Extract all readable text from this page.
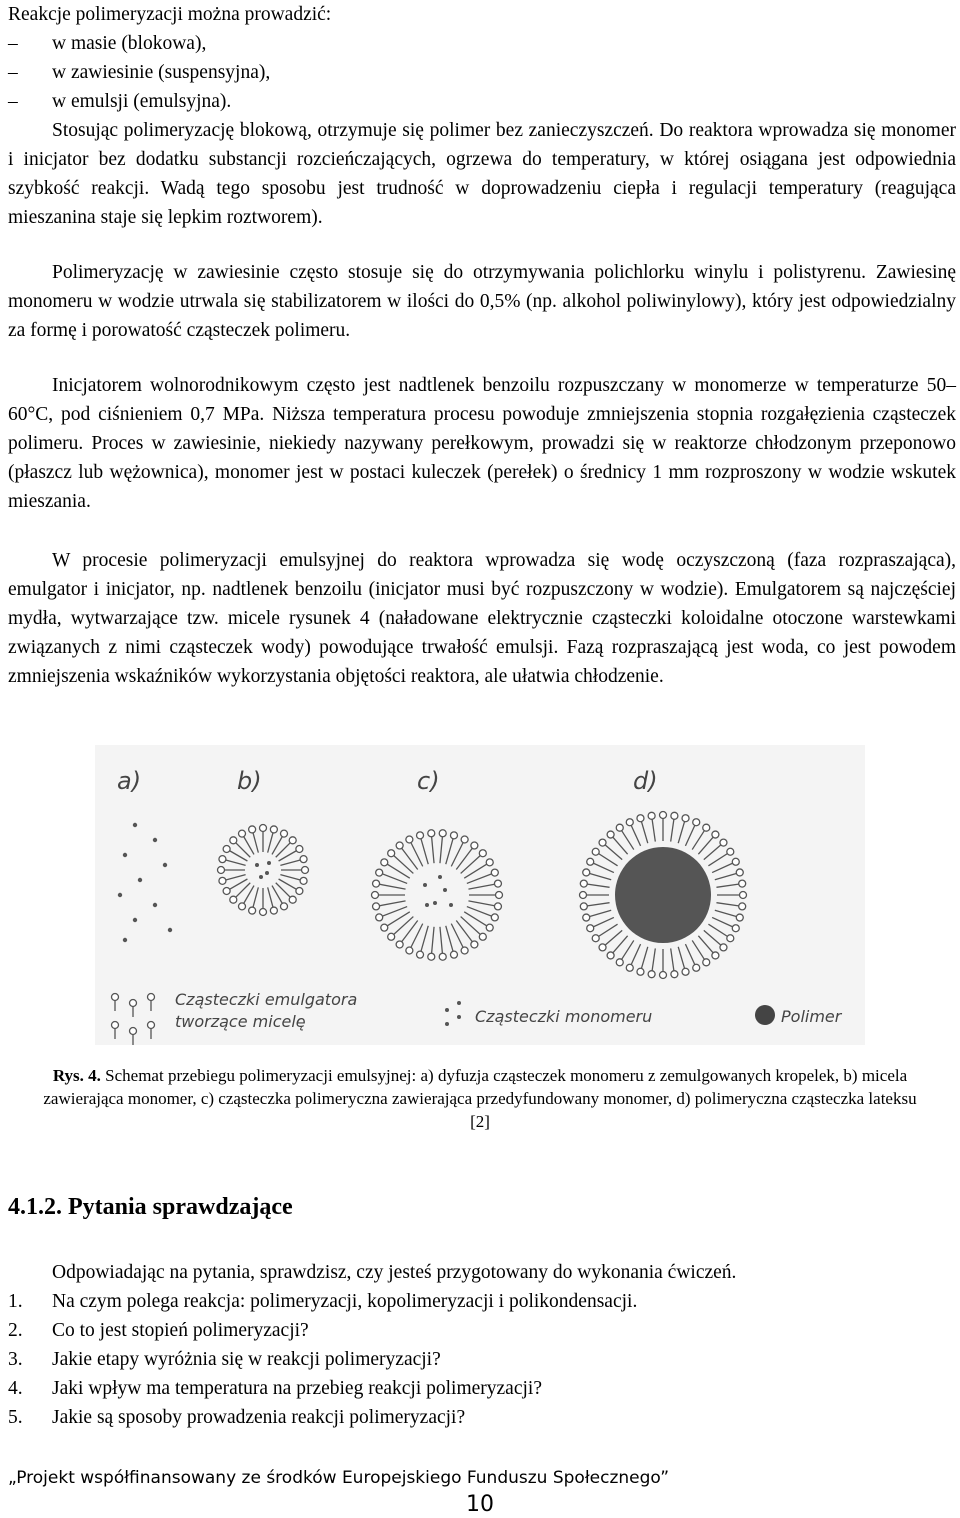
Reakcje polimeryzacji można prowadzić:
– w masie (blokowa),
– w zawiesinie (suspensyjna),
– w emulsji (emulsyjna).

Stosując polimeryzację blokową, otrzymuje się polimer bez zanieczyszczeń. Do reaktora wprowadza się monomer i inicjator bez dodatku substancji rozcieńczających, ogrzewa do temperatury, w której osiągana jest odpowiednia szybkość reakcji. Wadą tego sposobu jest trudność w doprowadzeniu ciepła i regulacji temperatury (reagująca mieszanina staje się lepkim roztworem).

Polimeryzację w zawiesinie często stosuje się do otrzymywania polichlorku winylu i polistyrenu. Zawiesinę monomeru w wodzie utrwala się stabilizatorem w ilości do 0,5% (np. alkohol poliwinylowy), który jest odpowiedzialny za formę i porowatość cząsteczek polimeru.

Inicjatorem wolnorodnikowym często jest nadtlenek benzoilu rozpuszczany w monomerze w temperaturze 50–60°C, pod ciśnieniem 0,7 MPa. Niższa temperatura procesu powoduje zmniejszenia stopnia rozgałęzienia cząsteczek polimeru. Proces w zawiesinie, niekiedy nazywany perełkowym, prowadzi się w reaktorze chłodzonym przeponowo (płaszcz lub wężownica), monomer jest w postaci kuleczek (perełek) o średnicy 1 mm rozproszony w wodzie wskutek mieszania.

W procesie polimeryzacji emulsyjnej do reaktora wprowadza się wodę oczyszczoną (faza rozpraszająca), emulgator i inicjator, np. nadtlenek benzoilu (inicjator musi być rozpuszczony w wodzie). Emulgatorem są najczęściej mydła, wytwarzające tzw. micele rysunek 4 (naładowane elektrycznie cząsteczki koloidalne otoczone warstewkami związanych z nimi cząsteczek wody) powodujące trwałość emulsji. Fazą rozpraszającą jest woda, co jest powodem zmniejszenia wskaźników wykorzystania objętości reaktora, ale ułatwia chłodzenie.

a)	b)	c)	d)
Cząsteczki emulgatora
tworzące micelę	Cząsteczki monomeru	Polimer
Rys. 4. Schemat przebiegu polimeryzacji emulsyjnej: a) dyfuzja cząsteczek monomeru z zemulgowanych kropelek, b) micela zawierająca monomer, c) cząsteczka polimeryczna zawierająca przedyfundowany monomer, d) polimeryczna cząsteczka lateksu [2]
4.1.2. Pytania sprawdzające
Odpowiadając na pytania, sprawdzisz, czy jesteś przygotowany do wykonania ćwiczeń.
1. Na czym polega reakcja: polimeryzacji, kopolimeryzacji i polikondensacji.
2. Co to jest stopień polimeryzacji?
3. Jakie etapy wyróżnia się w reakcji polimeryzacji?
4. Jaki wpływ ma temperatura na przebieg reakcji polimeryzacji?
5. Jakie są sposoby prowadzenia reakcji polimeryzacji?
„Projekt współfinansowany ze środków Europejskiego Funduszu Społecznego”
10
